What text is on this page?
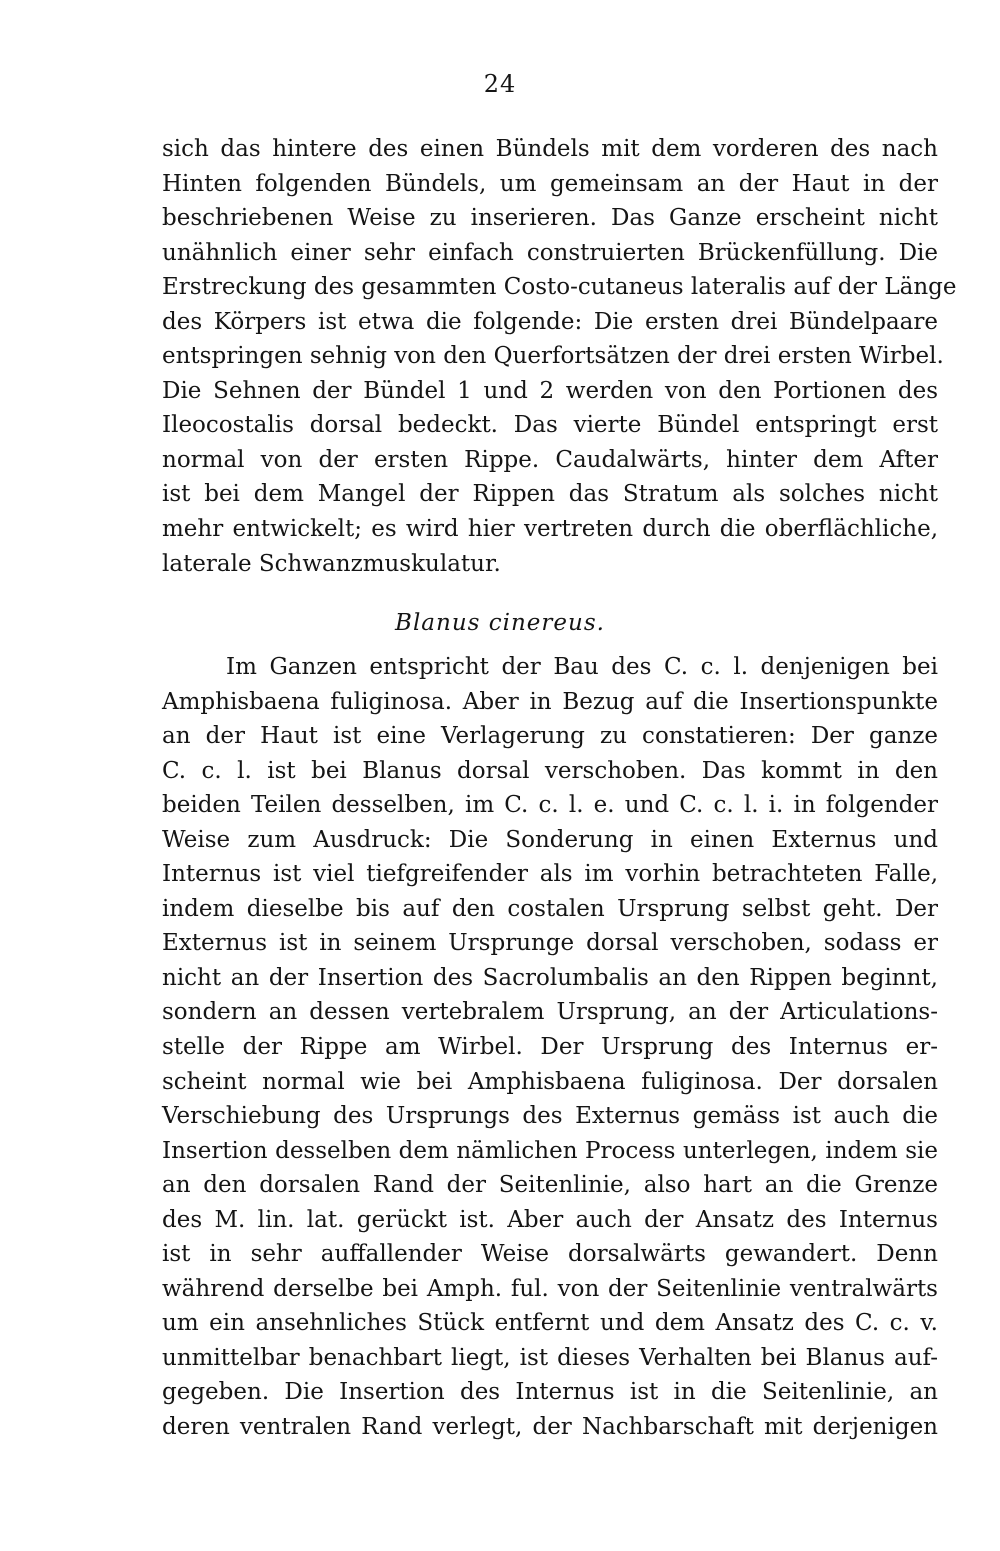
24
sich das hintere des einen Bündels mit dem vorderen des nach
Hinten folgenden Bündels, um gemeinsam an der Haut in der
beschriebenen Weise zu inserieren. Das Ganze erscheint nicht
unähnlich einer sehr einfach construierten Brückenfüllung. Die
Erstreckung des gesammten Costo-cutaneus lateralis auf der Länge
des Körpers ist etwa die folgende: Die ersten drei Bündelpaare
entspringen sehnig von den Querfortsätzen der drei ersten Wirbel.
Die Sehnen der Bündel 1 und 2 werden von den Portionen des
Ileocostalis dorsal bedeckt. Das vierte Bündel entspringt erst
normal von der ersten Rippe. Caudalwärts, hinter dem After
ist bei dem Mangel der Rippen das Stratum als solches nicht
mehr entwickelt; es wird hier vertreten durch die oberflächliche,
laterale Schwanzmuskulatur.
Blanus cinereus.
Im Ganzen entspricht der Bau des C. c. l. denjenigen bei
Amphisbaena fuliginosa. Aber in Bezug auf die Insertionspunkte
an der Haut ist eine Verlagerung zu constatieren: Der ganze
C. c. l. ist bei Blanus dorsal verschoben. Das kommt in den
beiden Teilen desselben, im C. c. l. e. und C. c. l. i. in folgender
Weise zum Ausdruck: Die Sonderung in einen Externus und
Internus ist viel tiefgreifender als im vorhin betrachteten Falle,
indem dieselbe bis auf den costalen Ursprung selbst geht. Der
Externus ist in seinem Ursprunge dorsal verschoben, sodass er
nicht an der Insertion des Sacrolumbalis an den Rippen beginnt,
sondern an dessen vertebralem Ursprung, an der Articulations-
stelle der Rippe am Wirbel. Der Ursprung des Internus er-
scheint normal wie bei Amphisbaena fuliginosa. Der dorsalen
Verschiebung des Ursprungs des Externus gemäss ist auch die
Insertion desselben dem nämlichen Process unterlegen, indem sie
an den dorsalen Rand der Seitenlinie, also hart an die Grenze
des M. lin. lat. gerückt ist. Aber auch der Ansatz des Internus
ist in sehr auffallender Weise dorsalwärts gewandert. Denn
während derselbe bei Amph. ful. von der Seitenlinie ventralwärts
um ein ansehnliches Stück entfernt und dem Ansatz des C. c. v.
unmittelbar benachbart liegt, ist dieses Verhalten bei Blanus auf-
gegeben. Die Insertion des Internus ist in die Seitenlinie, an
deren ventralen Rand verlegt, der Nachbarschaft mit derjenigen
